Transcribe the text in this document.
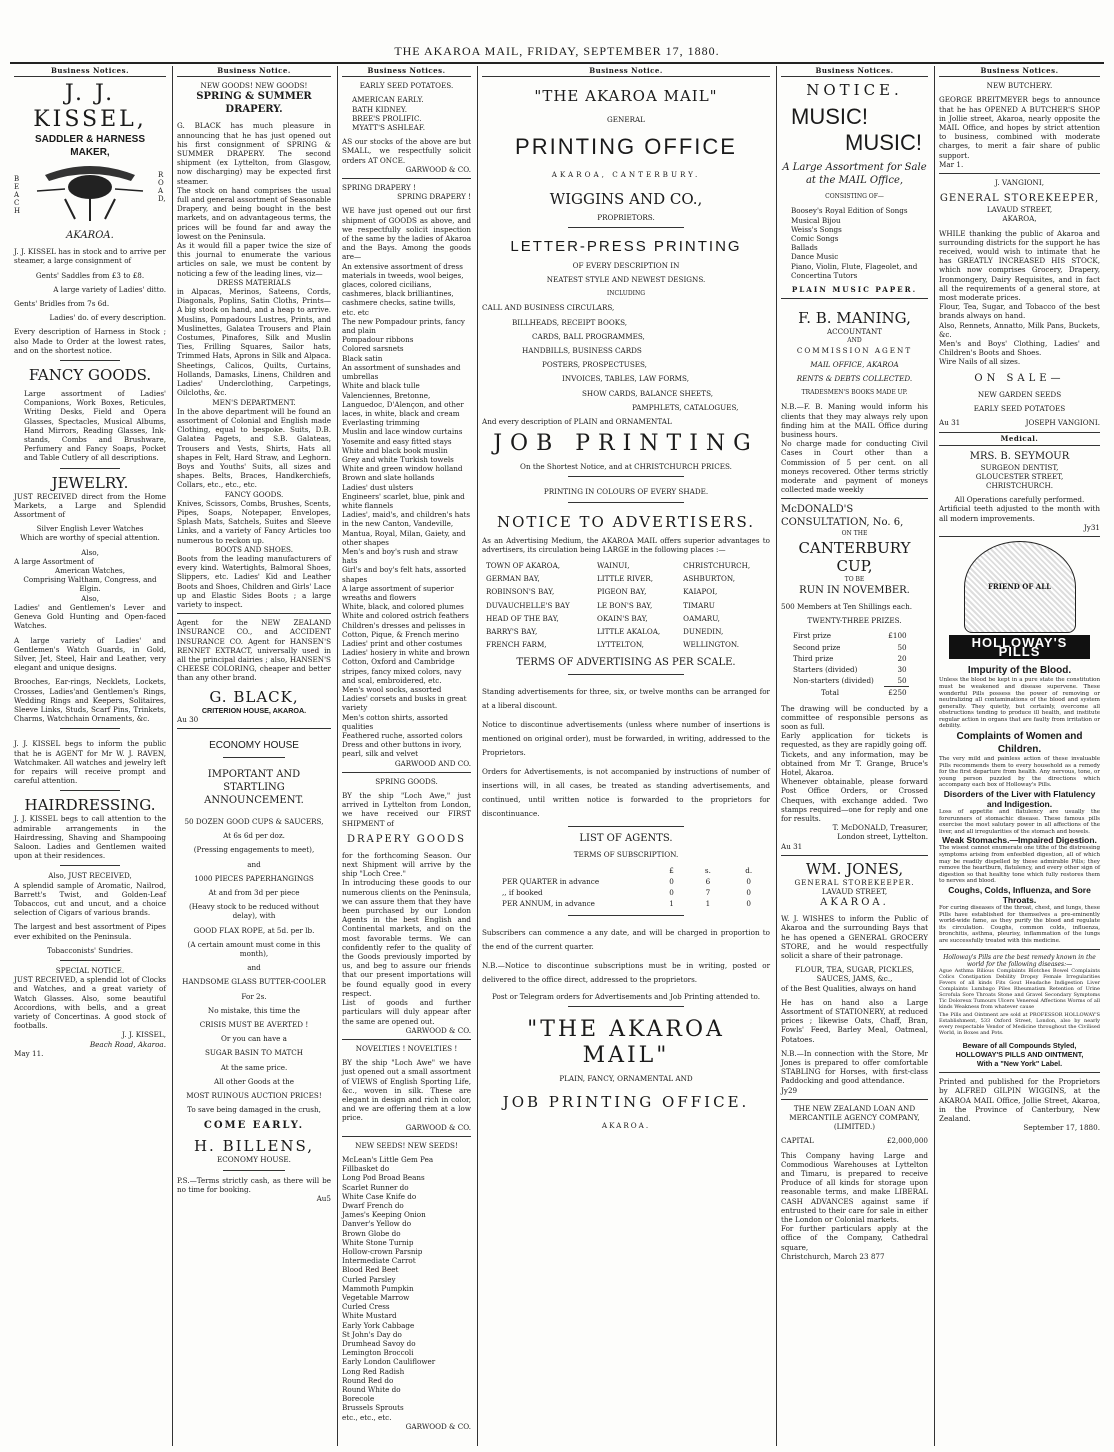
THE AKAROA MAIL, FRIDAY, SEPTEMBER 17, 1880.
Business Notices.
J. J. KISSEL,
SADDLER & HARNESS MAKER,
BEACH
ROAD,
AKAROA.
J. J. KISSEL has in stock and to arrive per steamer, a large consignment of
Gents' Saddles from £3 to £8.
A large variety of Ladies' ditto.
Gents' Bridles from 7s 6d.
Ladies' do. of every description.
Every description of Harness in Stock ; also Made to Order at the lowest rates, and on the shortest notice.
FANCY GOODS.
Large assortment of Ladies' Companions, Work Boxes, Reticules, Writing Desks, Field and Opera Glasses, Spectacles, Musical Albums, Hand Mirrors, Reading Glasses, Ink-stands, Combs and Brushware, Perfumery and Fancy Soaps, Pocket and Table Cutlery of all descriptions.
JEWELRY.
JUST RECEIVED direct from the Home Markets, a Large and Splendid Assortment of
Silver English Lever Watches
Which are worthy of special attention.
Also,
A large Assortment of
American Watches,
Comprising Waltham, Congress, and Elgin.
Also,
Ladies' and Gentlemen's Lever and Geneva Gold Hunting and Open-faced Watches.
A large variety of Ladies' and Gentlemen's Watch Guards, in Gold, Silver, Jet, Steel, Hair and Leather, very elegant and unique designs.
Brooches, Ear-rings, Necklets, Lockets, Crosses, Ladies'and Gentlemen's Rings, Wedding Rings and Keepers, Solitaires, Sleeve Links, Studs, Scarf Pins, Trinkets, Charms, Watchchain Ornaments, &c.
J. J. KISSEL begs to inform the public that he is AGENT for Mr W. J. RAVEN, Watchmaker. All watches and jewelry left for repairs will receive prompt and careful attention.
HAIRDRESSING.
J. J. KISSEL begs to call attention to the admirable arrangements in the Hairdressing, Shaving and Shampooing Saloon. Ladies and Gentlemen waited upon at their residences.
Also, JUST RECEIVED,
A splendid sample of Aromatic, Nailrod, Barrett's Twist, and Golden-Leaf Tobaccos, cut and uncut, and a choice selection of Cigars of various brands.
The largest and best assortment of Pipes ever exhibited on the Peninsula.
Tobacconists' Sundries.
SPECIAL NOTICE.
JUST RECEIVED, a splendid lot of Clocks and Watches, and a great variety of Watch Glasses. Also, some beautiful Accordions, with bells, and a great variety of Concertinas. A good stock of footballs.
J. J. KISSEL,
Beach Road, Akaroa.
May 11.
Business Notice.
NEW GOODS! NEW GOODS!
SPRING & SUMMER DRAPERY.
G. BLACK has much pleasure in announcing that he has just opened out his first consignment of SPRING & SUMMER DRAPERY. The second shipment (ex Lyttelton, from Glasgow, now discharging) may be expected first steamer.
The stock on hand comprises the usual full and general assortment of Seasonable Drapery, and being bought in the best markets, and on advantageous terms, the prices will be found far and away the lowest on the Peninsula.
As it would fill a paper twice the size of this journal to enumerate the various articles on sale, we must be content by noticing a few of the leading lines, viz—
DRESS MATERIALS
in Alpacas, Merinos, Sateens, Cords, Diagonals, Poplins, Satin Cloths, Prints—A big stock on hand, and a heap to arrive. Muslins, Pompadours Lustres, Prints, and Muslinettes, Galatea Trousers and Plain Costumes, Pinafores, Silk and Muslin Ties, Frilling Squares, Sailor hats, Trimmed Hats, Aprons in Silk and Alpaca. Sheetings, Calicos, Quilts, Curtains, Hollands, Damasks, Linens, Children and Ladies' Underclothing, Carpetings, Oilcloths, &c.
MEN'S DEPARTMENT.
In the above department will be found an assortment of Colonial and English made Clothing, equal to bespoke. Suits, D.B. Galatea Pagets, and S.B. Galateas, Trousers and Vests, Shirts, Hats all shapes in Felt, Hard Straw, and Leghorn. Boys and Youths' Suits, all sizes and shapes. Belts, Braces, Handkerchiefs, Collars, etc., etc., etc.
FANCY GOODS.
Knives, Scissors, Combs, Brushes, Scents, Pipes, Soaps, Notepaper, Envelopes, Splash Mats, Satchels, Suites and Sleeve Links, and a variety of Fancy Articles too numerous to reckon up.
BOOTS AND SHOES.
Boots from the leading manufacturers of every kind. Watertights, Balmoral Shoes, Slippers, etc. Ladies' Kid and Leather Boots and Shoes, Children and Girls' Lace up and Elastic Sides Boots ; a large variety to inspect.
Agent for the NEW ZEALAND INSURANCE CO., and ACCIDENT INSURANCE CO. Agent for HANSEN'S RENNET EXTRACT, universally used in all the principal dairies ; also, HANSEN'S CHEESE COLORING, cheaper and better than any other brand.
G. BLACK,
CRITERION HOUSE, AKAROA.
Au 30
ECONOMY HOUSE
IMPORTANT AND STARTLING ANNOUNCEMENT.
50 DOZEN GOOD CUPS & SAUCERS,
At 6s 6d per doz.
(Pressing engagements to meet),
and
1000 PIECES PAPERHANGINGS
At and from 3d per piece
(Heavy stock to be reduced without delay), with
GOOD FLAX ROPE, at 5d. per lb.
(A certain amount must come in this month),
and
HANDSOME GLASS BUTTER-COOLER
For 2s.
No mistake, this time the
CRISIS MUST BE AVERTED !
Or you can have a
SUGAR BASIN TO MATCH
At the same price.
All other Goods at the
MOST RUINOUS AUCTION PRICES!
To save being damaged in the crush,
COME EARLY.
H. BILLENS,
ECONOMY HOUSE.
P.S.—Terms strictly cash, as there will be no time for booking.
Au5
Business Notices.
EARLY SEED POTATOES.
AMERICAN EARLY.
BATH KIDNEY.
BREE'S PROLIFIC.
MYATT'S ASHLEAF.
AS our stocks of the above are but SMALL, we respectfully solicit orders AT ONCE.
GARWOOD & CO.
SPRING DRAPERY !
SPRING DRAPERY !
WE have just opened out our first shipment of GOODS as above, and we respectfully solicit inspection of the same by the ladies of Akaroa and the Bays. Among the goods are—
An extensive assortment of dress materials in tweeds, wool beiges, glaces, colored cicilians, cashmeres, black brilliantines, cashmere checks, satine twills, etc. etc
The new Pompadour prints, fancy and plain
Pompadour ribbons
Colored sarsnets
Black satin
An assortment of sunshades and umbrellas
White and black tulle
Valenciennes, Bretonne, Languedoc, D'Alençon, and other laces, in white, black and cream
Everlasting trimming
Muslin and lace window curtains
Yosemite and easy fitted stays
White and black book muslin
Grey and white Turkish towels
White and green window holland
Brown and slate hollands
Ladies' dust ulsters
Engineers' scarlet, blue, pink and white flannels
Ladies', maid's, and children's hats in the new Canton, Vandeville, Mantua, Royal, Milan, Gaiety, and other shapes
Men's and boy's rush and straw hats
Girl's and boy's felt hats, assorted shapes
A large assortment of superior wreaths and flowers
White, black, and colored plumes
White and colored ostrich feathers
Children's dresses and pelisses in Cotton, Pique, & French merino
Ladies' print and other costumes
Ladies' hosiery in white and brown Cotton, Oxford and Cambridge stripes, fancy mixed colors, navy and scal, embroidered, etc.
Men's wool socks, assorted
Ladies' corsets and busks in great variety
Men's cotton shirts, assorted qualities
Feathered ruche, assorted colors
Dress and other buttons in ivory, pearl, silk and velvet
GARWOOD AND CO.
SPRING GOODS.
BY the ship "Loch Awe," just arrived in Lyttelton from London, we have received our FIRST SHIPMENT of
DRAPERY GOODS
for the forthcoming Season. Our next Shipment will arrive by the ship "Loch Cree."
In introducing these goods to our numerous clients on the Peninsula, we can assure them that they have been purchased by our London Agents in the best English and Continental markets, and on the most favorable terms. We can confidently refer to the quality of the Goods previously imported by us, and beg to assure our friends that our present importations will be found equally good in every respect.
List of goods and further particulars will duly appear after the same are opened out.
GARWOOD & CO.
NOVELTIES ! NOVELTIES !
BY the ship "Loch Awe" we have just opened out a small assortment of VIEWS of English Sporting Life, &c., woven in silk. These are elegant in design and rich in color, and we are offering them at a low price.
GARWOOD & CO.
NEW SEEDS! NEW SEEDS!
McLean's Little Gem Pea
Fillbasket do
Long Pod Broad Beans
Scarlet Runner do
White Case Knife do
Dwarf French do
James's Keeping Onion
Danver's Yellow do
Brown Globe do
White Stone Turnip
Hollow-crown Parsnip
Intermediate Carrot
Blood Red Beet
Curled Parsley
Mammoth Pumpkin
Vegetable Marrow
Curled Cress
White Mustard
Early York Cabbage
St John's Day do
Drumhead Savoy do
Lemington Broccoli
Early London Cauliflower
Long Red Radish
Round Red do
Round White do
Borecole
Brussels Sprouts
etc., etc., etc.
GARWOOD & CO.
Business Notice.
"THE AKAROA MAIL"
GENERAL
PRINTING OFFICE
AKAROA, CANTERBURY.
WIGGINS AND CO.,
PROPRIETORS.
LETTER-PRESS PRINTING
OF EVERY DESCRIPTION IN
NEATEST STYLE AND NEWEST DESIGNS.
INCLUDING
CALL AND BUSINESS CIRCULARS,
BILLHEADS, RECEIPT BOOKS,
CARDS, BALL PROGRAMMES,
HANDBILLS, BUSINESS CARDS
POSTERS, PROSPECTUSES,
INVOICES, TABLES, LAW FORMS,
SHOW CARDS, BALANCE SHEETS,
PAMPHLETS, CATALOGUES,
And every description of PLAIN and ORNAMENTAL
JOB PRINTING
On the Shortest Notice, and at CHRISTCHURCH PRICES.
PRINTING IN COLOURS OF EVERY SHADE.
NOTICE TO ADVERTISERS.
As an Advertising Medium, the AKAROA MAIL offers superior advantages to advertisers, its circulation being LARGE in the following places :—
TOWN OF AKAROA,	WAINUI,	CHRISTCHURCH,
GERMAN BAY,	LITTLE RIVER,	ASHBURTON,
ROBINSON'S BAY,	PIGEON BAY,	KAIAPOI,
DUVAUCHELLE'S BAY	LE BON'S BAY,	TIMARU
HEAD OF THE BAY,	OKAIN'S BAY,	OAMARU,
BARRY'S BAY,	LITTLE AKALOA,	DUNEDIN,
FRENCH FARM,	LYTTELTON,	WELLINGTON.
TERMS OF ADVERTISING AS PER SCALE.
Standing advertisements for three, six, or twelve months can be arranged for at a liberal discount.
Notice to discontinue advertisements (unless where number of insertions is mentioned on original order), must be forwarded, in writing, addressed to the Proprietors.
Orders for Advertisements, is not accompanied by instructions of number of insertions will, in all cases, be treated as standing advertisements, and continued, until written notice is forwarded to the proprietors for discontinuance.
LIST OF AGENTS.
TERMS OF SUBSCRIPTION.
	£	s.	d.
PER QUARTER in advance	0	6	0
,, if booked	0	7	0
PER ANNUM, in advance	1	1	0
Subscribers can commence a any date, and will be charged in proportion to the end of the current quarter.
N.B.—Notice to discontinue subscriptions must be in writing, posted or delivered to the office direct, addressed to the proprietors.
Post or Telegram orders for Advertisements and Job Printing attended to.
"THE AKAROA MAIL"
PLAIN, FANCY, ORNAMENTAL AND
JOB PRINTING OFFICE.
AKAROA.
Business Notices.
NOTICE.
MUSIC!
MUSIC!
A Large Assortment for Sale at the MAIL Office,
CONSISTING OF—
Boosey's Royal Edition of Songs
Musical Bijou
Weiss's Songs
Comic Songs
Ballads
Dance Music
Piano, Violin, Flute, Flageolet, and Concertina Tutors
PLAIN MUSIC PAPER.
F. B. MANING,
ACCOUNTANT
AND
COMMISSION AGENT
MAIL OFFICE, AKAROA
RENTS & DEBTS COLLECTED.
TRADESMEN'S BOOKS MADE UP.
N.B.—F. B. Maning would inform his clients that they may always rely upon finding him at the MAIL Office during business hours.
No charge made for conducting Civil Cases in Court other than a Commission of 5 per cent. on all moneys recovered. Other terms strictly moderate and payment of moneys collected made weekly
McDONALD'S CONSULTATION, No. 6,
ON THE
CANTERBURY CUP,
TO BE
RUN IN NOVEMBER.
500 Members at Ten Shillings each.
TWENTY-THREE PRIZES.
First prize	£100
Second prize	50
Third prize	20
Starters (divided)	30
Non-starters (divided)	50
Total	£250
The drawing will be conducted by a committee of responsible persons as soon as full.
Early application for tickets is requested, as they are rapidly going off.
Tickets, and any information, may be obtained from Mr T. Grange, Bruce's Hotel, Akaroa.
Whenever obtainable, please forward Post Office Orders, or Crossed Cheques, with exchange added. Two stamps required—one for reply and one for results.
T. McDONALD, Treasurer,
London street, Lyttelton.
Au 31
WM. JONES,
GENERAL STOREKEEPER.
LAVAUD STREET,
AKAROA.
W. J. WISHES to inform the Public of Akaroa and the surrounding Bays that he has opened a GENERAL GROCERY STORE, and he would respectfully solicit a share of their patronage.
FLOUR, TEA, SUGAR, PICKLES, SAUCES, JAMS, &c.,
of the Best Qualities, always on hand
He has on hand also a Large Assortment of STATIONERY, at reduced prices ; likewise Oats, Chaff, Bran, Fowls' Feed, Barley Meal, Oatmeal, Potatoes.
N.B.—In connection with the Store, Mr Jones is prepared to offer comfortable STABLING for Horses, with first-class Paddocking and good attendance.
Jy29
THE NEW ZEALAND LOAN AND MERCANTILE AGENCY COMPANY,
(LIMITED.)
CAPITAL	£2,000,000
This Company having Large and Commodious Warehouses at Lyttelton and Timaru, is prepared to receive Produce of all kinds for storage upon reasonable terms, and make LIBERAL CASH ADVANCES against same if entrusted to their care for sale in either the London or Colonial markets.
For further particulars apply at the office of the Company, Cathedral square,
Christchurch, March 23 877
Business Notices.
NEW BUTCHERY.
GEORGE BREITMEYER begs to announce that he has OPENED A BUTCHER'S SHOP in Jollie street, Akaroa, nearly opposite the MAIL Office, and hopes by strict attention to business, combined with moderate charges, to merit a fair share of public support.
Mar 1.
J. VANGIONI,
GENERAL STOREKEEPER,
LAVAUD STREET,
AKAROA,
WHILE thanking the public of Akaroa and surrounding districts for the support he has received, would wish to intimate that he has GREATLY INCREASED HIS STOCK, which now comprises Grocery, Drapery, Ironmongery, Dairy Requisites, and in fact all the requirements of a general store, at most moderate prices.
Flour, Tea, Sugar, and Tobacco of the best brands always on hand.
Also, Rennets, Annatto, Milk Pans, Buckets, &c.
Men's and Boys' Clothing, Ladies' and Children's Boots and Shoes.
Wire Nails of all sizes.
ON SALE—
NEW GARDEN SEEDS
EARLY SEED POTATOES
Au 31	JOSEPH VANGIONI.
Medical.
MRS. B. SEYMOUR
SURGEON DENTIST,
GLOUCESTER STREET,
CHRISTCHURCH.
All Operations carefully performed.
Artificial teeth adjusted to the month with all modern improvements.
Jy31
FRIEND OF ALL
HOLLOWAY'S PILLS
Impurity of the Blood.
Unless the blood be kept in a pure state the constitution must be weakened and disease supervene. These wonderful Pills possess the power of removing or neutralizing all contaminations of the blood and system generally. They quietly, but certainly, overcome all obstructions tending to produce ill health, and institute regular action in organs that are faulty from irritation or debility.
Complaints of Women and Children.
The very mild and painless action of these invaluable Pills recommends them to every household as a remedy for the first departure from health. Any nervous, tone, or young person puzzled by the directions which accompany each box of Holloway's Pills.
Disorders of the Liver with Flatulency and Indigestion.
Loss of appetite and flatulency are usually the forerunners of stomachic disease. These famous pills exercise the most salutary power in all affections of the liver, and all irregularities of the stomach and bowels.
Weak Stomachs.—Impaired Digestion.
The wisest cannot enumerate one tithe of the distressing symptoms arising from enfeebled digestion, all of which may be readily dispelled by these admirable Pills; they remove the heartburn, flatulency, and every other sign of digestion so that healthy tone which fully restores them to nerves and blood.
Coughs, Colds, Influenza, and Sore Throats.
For curing diseases of the throat, chest, and lungs, these Pills have established for themselves a pre-eminently world-wide fame, as they purify the blood and regulate its circulation. Coughs, common colds, influenza, bronchitis, asthma, pleurisy, inflammation of the lungs are successfully treated with this medicine.
Holloway's Pills are the best remedy known in the world for the following diseases:—
Ague Asthma Bilious Complaints Blotches Bowel Complaints Colics Constipation Debility Dropsy Female Irregularities Fevers of all kinds Fits Gout Headache Indigestion Liver Complaints Lumbago Piles Rheumatism Retention of Urine Scrofula Sore Throats Stone and Gravel Secondary Symptoms Tic Doloreux Tumours Ulcers Venereal Affections Worms of all kinds Weakness from whatever cause
The Pills and Ointment are sold at PROFESSOR HOLLOWAY'S Establishment, 533 Oxford Street, London, also by nearly every respectable Vendor of Medicine throughout the Civilised World, in Boxes and Pots.
Beware of all Compounds Styled,
HOLLOWAY'S PILLS AND OINTMENT,
With a "New York" Label.
Printed and published for the Proprietors by ALFRED GILPIN WIGGINS, at the AKAROA MAIL Office, Jollie Street, Akaroa, in the Province of Canterbury, New Zealand.
September 17, 1880.
